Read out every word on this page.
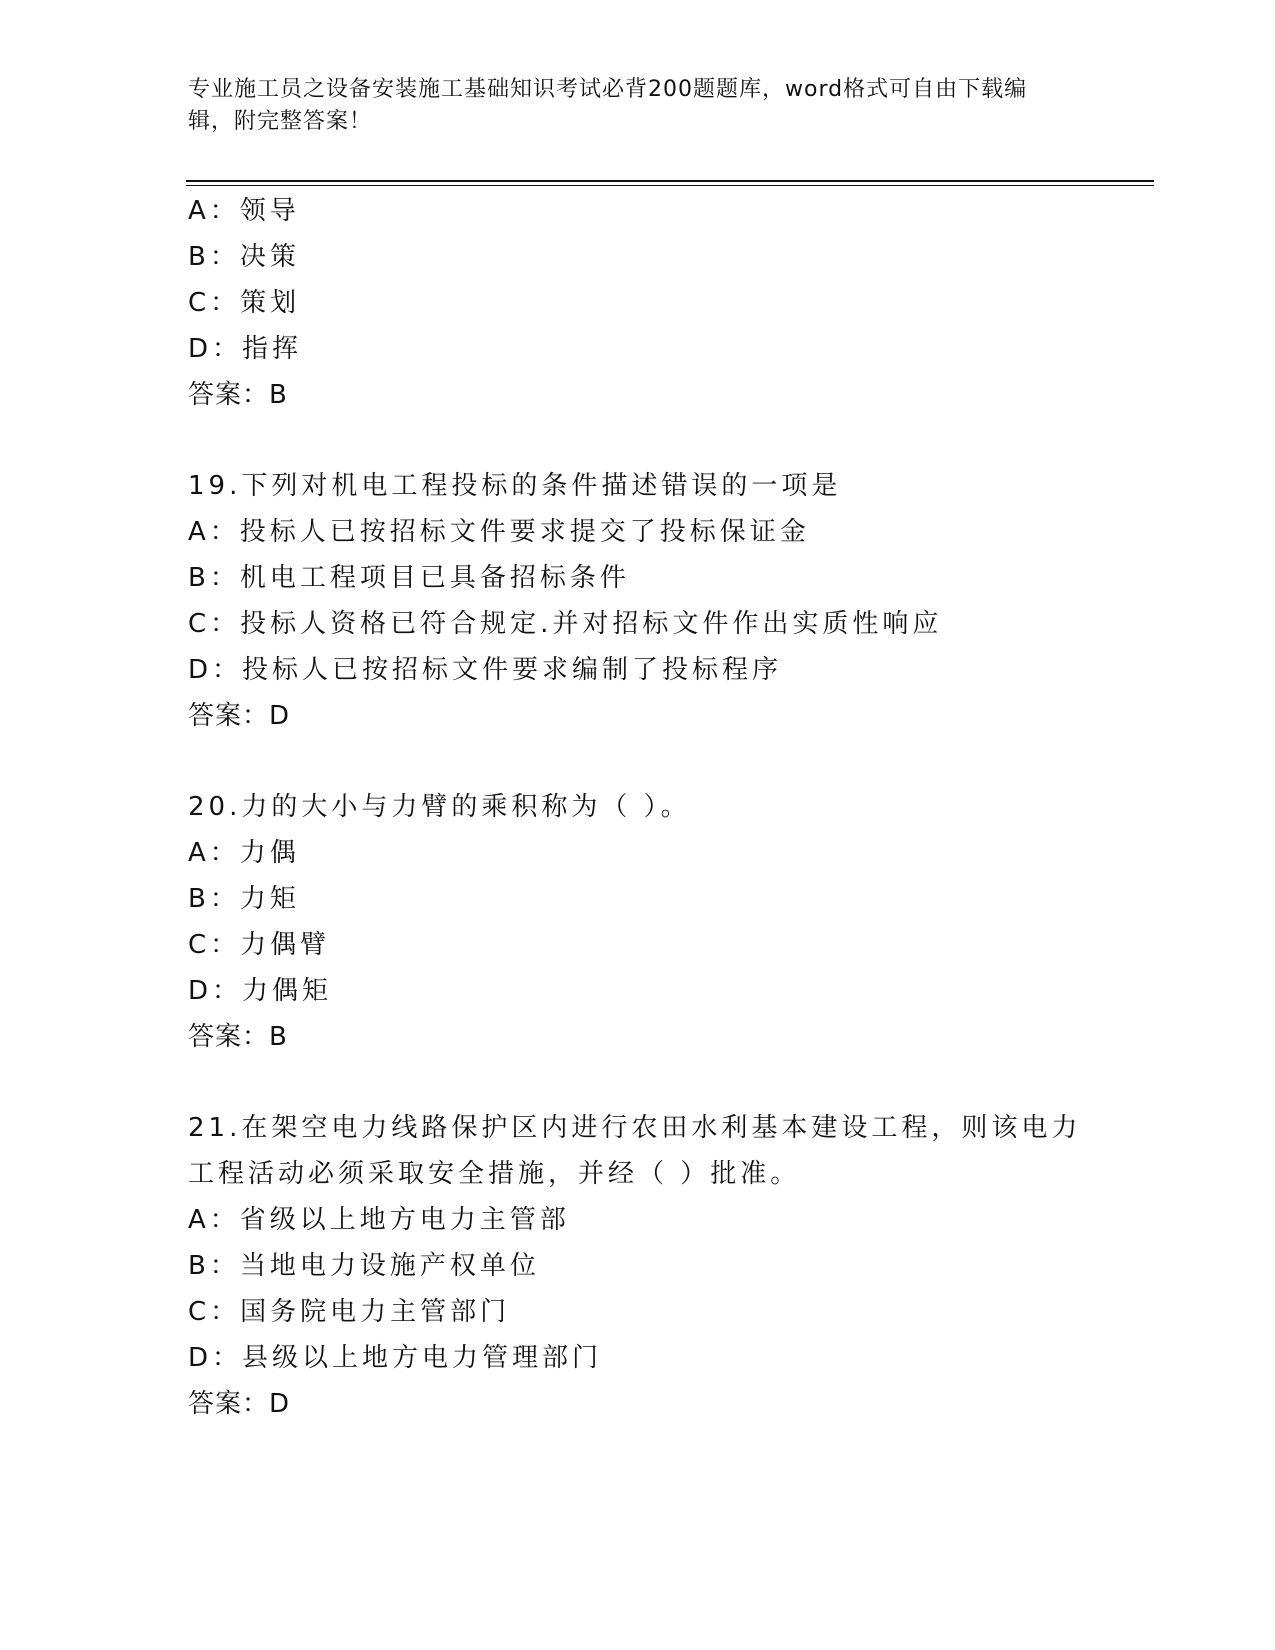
专业施工员之设备安装施工基础知识考试必背200题题库，word格式可自由下载编辑，附完整答案！
A：领导
B：决策
C：策划
D：指挥
答案：B
19.下列对机电工程投标的条件描述错误的一项是
A：投标人已按招标文件要求提交了投标保证金
B：机电工程项目已具备招标条件
C：投标人资格已符合规定.并对招标文件作出实质性响应
D：投标人已按招标文件要求编制了投标程序
答案：D
20.力的大小与力臂的乘积称为（ ）。
A：力偶
B：力矩
C：力偶臂
D：力偶矩
答案：B
21.在架空电力线路保护区内进行农田水利基本建设工程，则该电力工程活动必须采取安全措施，并经（ ）批准。
A：省级以上地方电力主管部
B：当地电力设施产权单位
C：国务院电力主管部门
D：县级以上地方电力管理部门
答案：D
